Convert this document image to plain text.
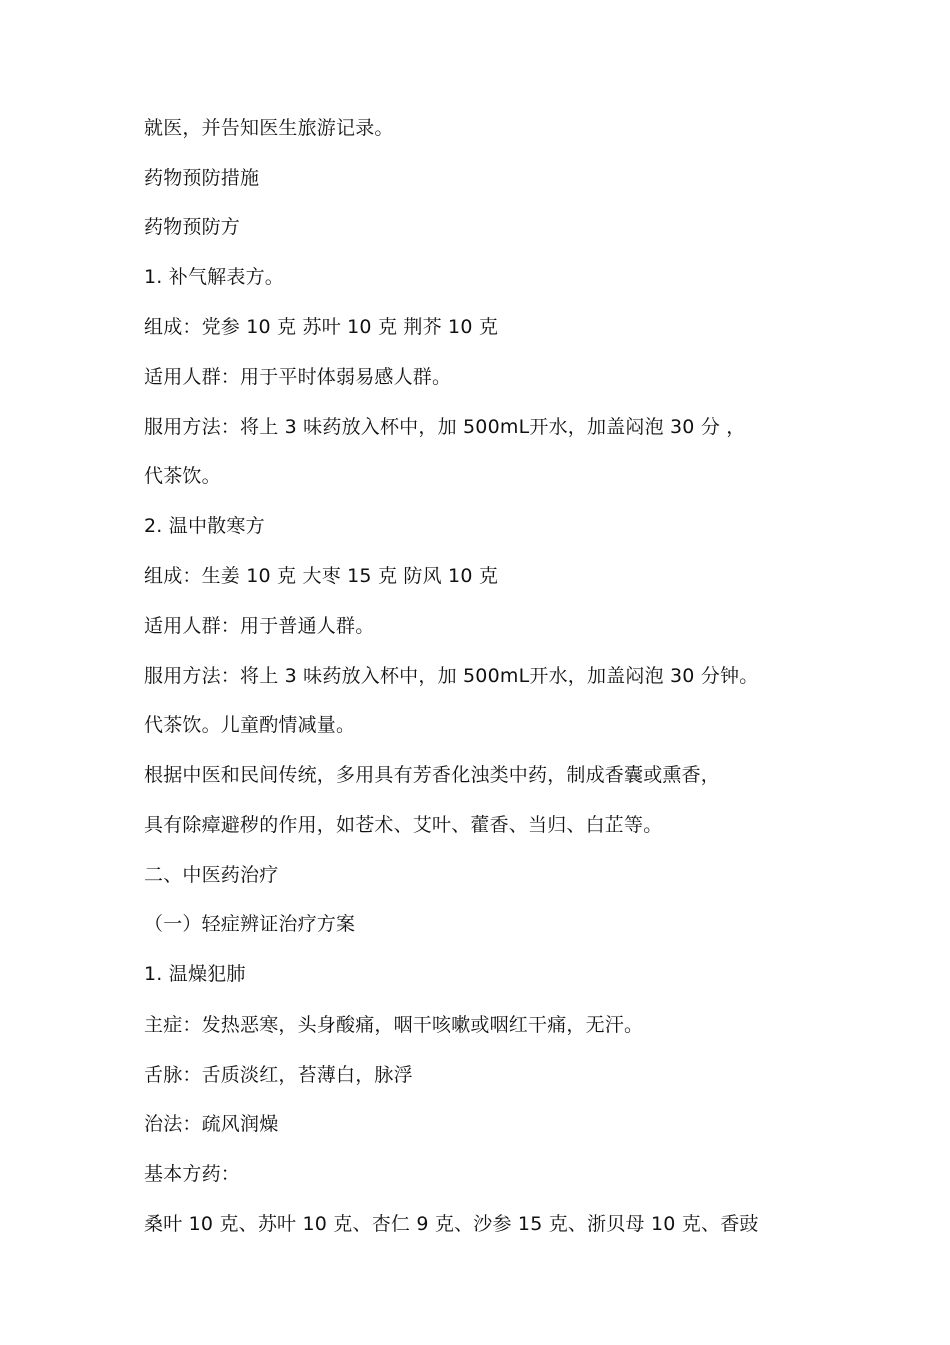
就医，并告知医生旅游记录。
药物预防措施
药物预防方
1. 补气解表方。
组成：党参 10 克 苏叶 10 克 荆芥 10 克
适用人群：用于平时体弱易感人群。
服用方法：将上 3 味药放入杯中，加 500mL开水，加盖闷泡 30 分 ，
代茶饮。
2. 温中散寒方
组成：生姜 10 克 大枣 15 克 防风 10 克
适用人群：用于普通人群。
服用方法：将上 3 味药放入杯中，加 500mL开水，加盖闷泡 30 分钟。
代茶饮。儿童酌情减量。
根据中医和民间传统，多用具有芳香化浊类中药，制成香囊或熏香，
具有除瘴避秽的作用，如苍术、艾叶、藿香、当归、白芷等。
二、中医药治疗
（一）轻症辨证治疗方案
1. 温燥犯肺
主症：发热恶寒，头身酸痛，咽干咳嗽或咽红干痛，无汗。
舌脉：舌质淡红，苔薄白，脉浮
治法：疏风润燥
基本方药：
桑叶 10 克、苏叶 10 克、杏仁 9 克、沙参 15 克、浙贝母 10 克、香豉
